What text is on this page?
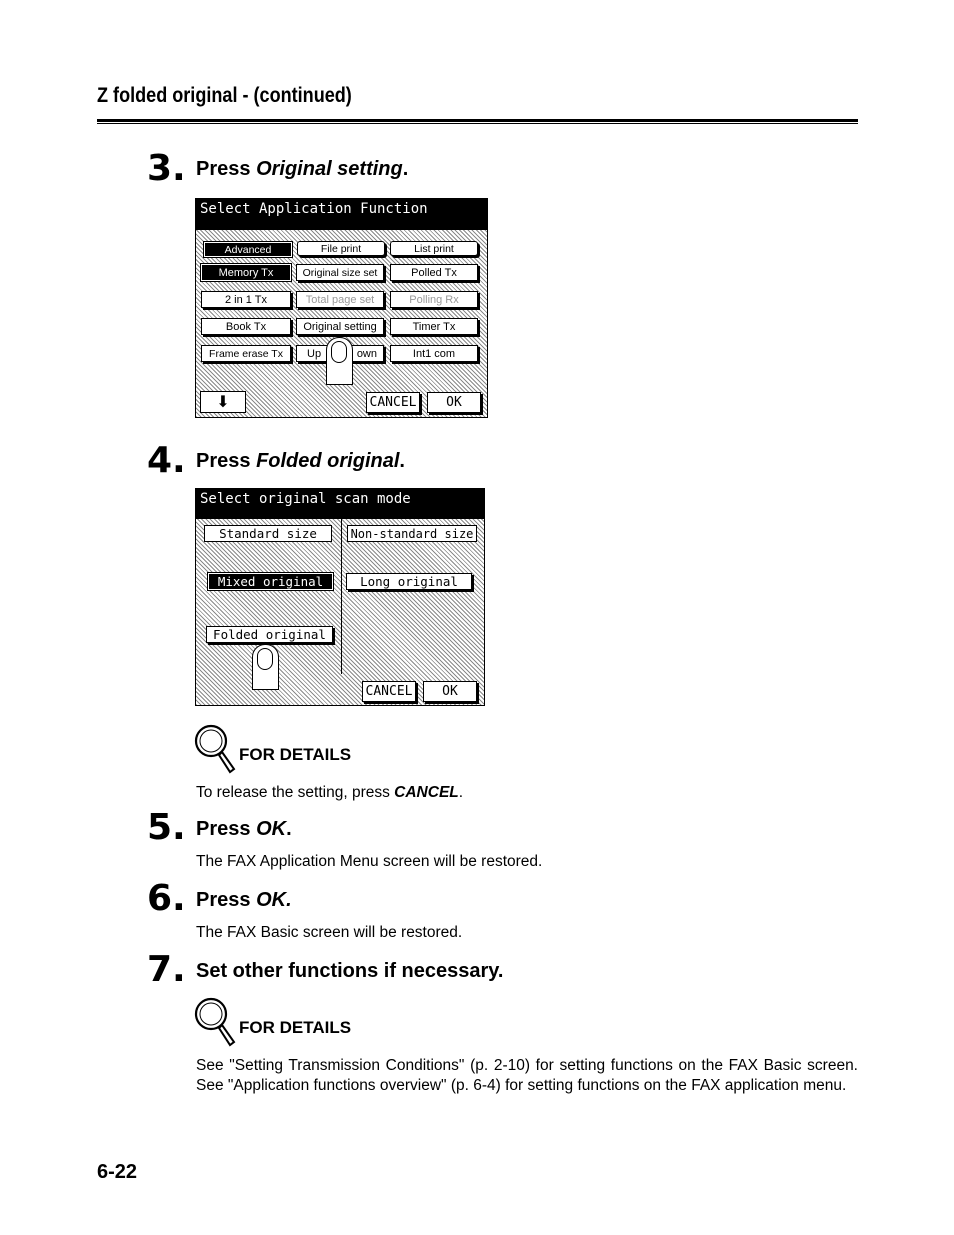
Z folded original - (continued)
3. Press Original setting.
Select Application Function
Advanced	File print	List print
Memory Tx	Original size set	Polled Tx
2 in 1 Tx	Total page set	Polling Rx
Book Tx	Original setting	Timer Tx
Frame erase Tx	Up	own	Int1 com
⬇	CANCEL	OK
4. Press Folded original.
Select original scan mode
Standard size	Non-standard size
Mixed original	Long original
Folded original
CANCEL	OK
FOR DETAILS
To release the setting, press CANCEL.
5. Press OK.
The FAX Application Menu screen will be restored.
6. Press OK.
The FAX Basic screen will be restored.
7. Set other functions if necessary.
FOR DETAILS
See "Setting Transmission Conditions" (p. 2-10) for setting functions on the FAX Basic screen. See "Application functions overview" (p. 6-4) for setting functions on the FAX application menu.
6-22
